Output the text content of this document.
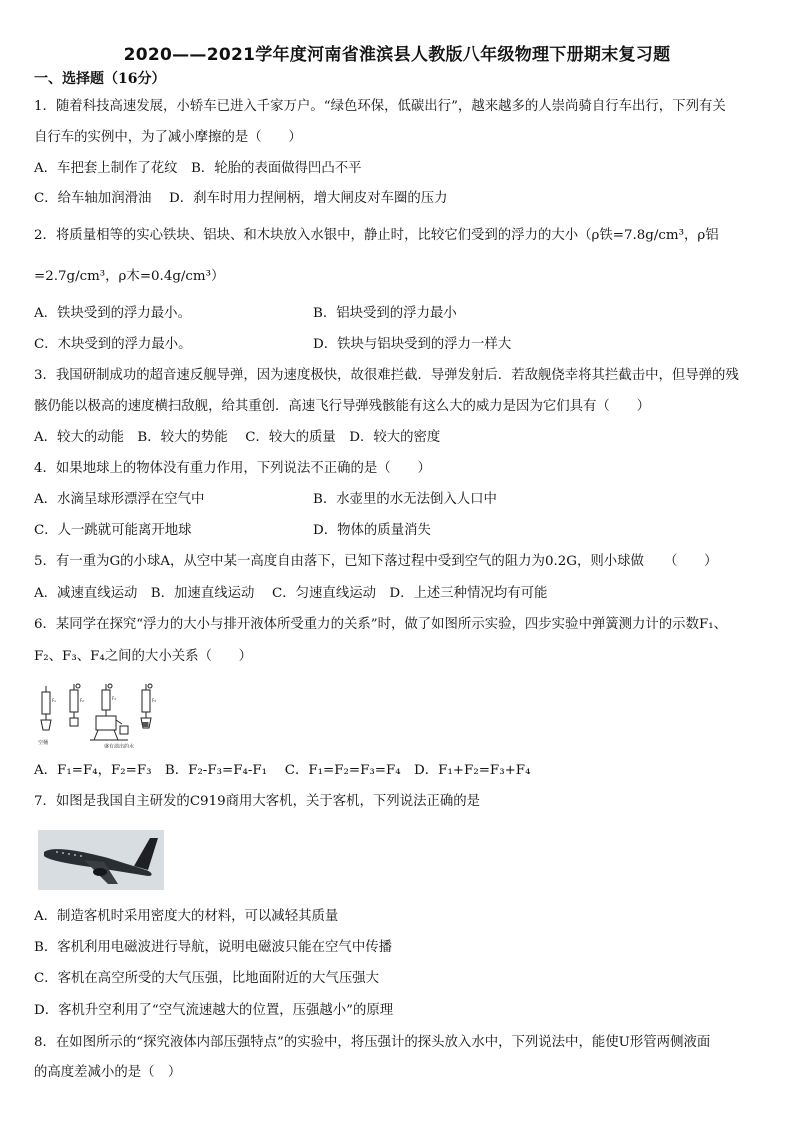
2020——2021学年度河南省淮滨县人教版八年级物理下册期末复习题
一、选择题（16分）
1．随着科技高速发展，小轿车已进入千家万户。“绿色环保，低碳出行”，越来越多的人崇尚骑自行车出行，下列有关
自行车的实例中，为了减小摩擦的是（　　）
A．车把套上制作了花纹　B．轮胎的表面做得凹凸不平
C．给车轴加润滑油　 D．刹车时用力捏闸柄，增大闸皮对车圈的压力
2．将质量相等的实心铁块、铝块、和木块放入水银中，静止时，比较它们受到的浮力的大小（ρ铁=7.8g/cm³，ρ铝
=2.7g/cm³，ρ木=0.4g/cm³）
A．铁块受到的浮力最小。	B．铝块受到的浮力最小
C．木块受到的浮力最小。	D．铁块与铝块受到的浮力一样大
3．我国研制成功的超音速反舰导弹，因为速度极快，故很难拦截．导弹发射后．若敌舰侥幸将其拦截击中，但导弹的残
骸仍能以极高的速度横扫敌舰，给其重创．高速飞行导弹残骸能有这么大的威力是因为它们具有（　　）
A．较大的动能　B．较大的势能　 C．较大的质量　D．较大的密度
4．如果地球上的物体没有重力作用，下列说法不正确的是（　　）
A．水滴呈球形漂浮在空气中	B．水壶里的水无法倒入人口中
C．人一跳就可能离开地球	D．物体的质量消失
5．有一重为G的小球A，从空中某一高度自由落下，已知下落过程中受到空气的阻力为0.2G，则小球做　　（　　）
A．减速直线运动　B．加速直线运动　 C．匀速直线运动　D．上述三种情况均有可能
6．某同学在探究“浮力的大小与排开液体所受重力的关系”时，做了如图所示实验，四步实验中弹簧测力计的示数F₁、
F₂、F₃、F₄之间的大小关系（　　）
F₁	F₂	F₃	F₄
空桶
盛有溢出的水
A．F₁=F₄，F₂=F₃　B．F₂-F₃=F₄-F₁　 C．F₁=F₂=F₃=F₄　D．F₁+F₂=F₃+F₄
7．如图是我国自主研发的C919商用大客机，关于客机，下列说法正确的是
A．制造客机时采用密度大的材料，可以减轻其质量
B．客机利用电磁波进行导航，说明电磁波只能在空气中传播
C．客机在高空所受的大气压强，比地面附近的大气压强大
D．客机升空利用了“空气流速越大的位置，压强越小”的原理
8．在如图所示的“探究液体内部压强特点”的实验中，将压强计的探头放入水中，下列说法中，能使U形管两侧液面
的高度差减小的是（　）
